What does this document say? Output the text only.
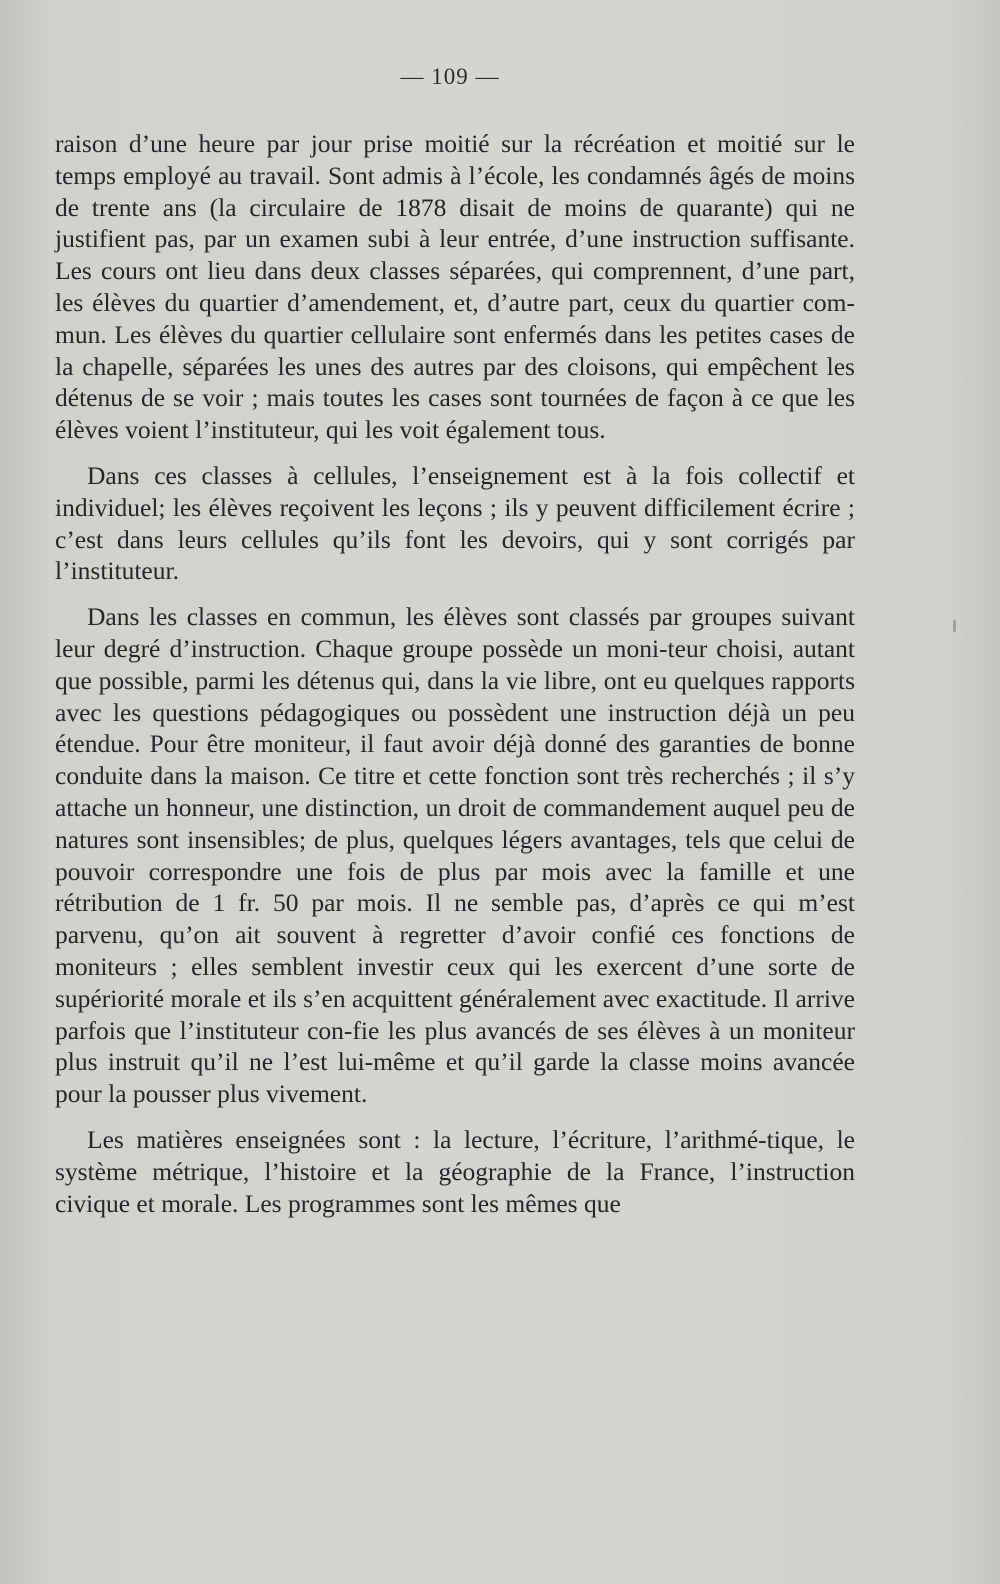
— 109 —

raison d’une heure par jour prise moitié sur la récréation et moitié sur le temps employé au travail. Sont admis à l’école, les condamnés âgés de moins de trente ans (la circulaire de 1878 disait de moins de quarante) qui ne justifient pas, par un examen subi à leur entrée, d’une instruction suffisante. Les cours ont lieu dans deux classes séparées, qui comprennent, d’une part, les élèves du quartier d’amendement, et, d’autre part, ceux du quartier com-mun. Les élèves du quartier cellulaire sont enfermés dans les petites cases de la chapelle, séparées les unes des autres par des cloisons, qui empêchent les détenus de se voir ; mais toutes les cases sont tournées de façon à ce que les élèves voient l’instituteur, qui les voit également tous.

Dans ces classes à cellules, l’enseignement est à la fois collectif et individuel; les élèves reçoivent les leçons ; ils y peuvent difficilement écrire ; c’est dans leurs cellules qu’ils font les devoirs, qui y sont corrigés par l’instituteur.

Dans les classes en commun, les élèves sont classés par groupes suivant leur degré d’instruction. Chaque groupe possède un moni-teur choisi, autant que possible, parmi les détenus qui, dans la vie libre, ont eu quelques rapports avec les questions pédagogiques ou possèdent une instruction déjà un peu étendue. Pour être moniteur, il faut avoir déjà donné des garanties de bonne conduite dans la maison. Ce titre et cette fonction sont très recherchés ; il s’y attache un honneur, une distinction, un droit de commandement auquel peu de natures sont insensibles; de plus, quelques légers avantages, tels que celui de pouvoir correspondre une fois de plus par mois avec la famille et une rétribution de 1 fr. 50 par mois. Il ne semble pas, d’après ce qui m’est parvenu, qu’on ait souvent à regretter d’avoir confié ces fonctions de moniteurs ; elles semblent investir ceux qui les exercent d’une sorte de supériorité morale et ils s’en acquittent généralement avec exactitude. Il arrive parfois que l’instituteur con-fie les plus avancés de ses élèves à un moniteur plus instruit qu’il ne l’est lui-même et qu’il garde la classe moins avancée pour la pousser plus vivement.

Les matières enseignées sont : la lecture, l’écriture, l’arithmé-tique, le système métrique, l’histoire et la géographie de la France, l’instruction civique et morale. Les programmes sont les mêmes que
